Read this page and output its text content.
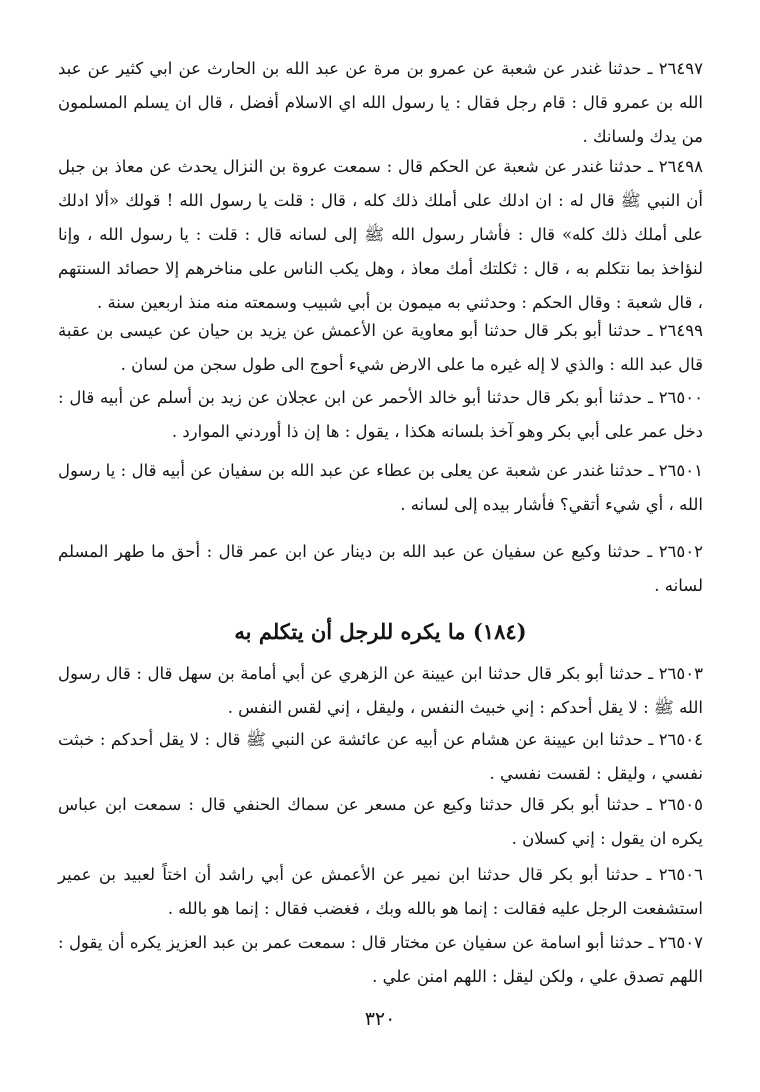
٢٦٤٩٧ ـ حدثنا غندر عن شعبة عن عمرو بن مرة عن عبد الله بن الحارث عن ابي كثير عن عبد الله بن عمرو قال : قام رجل فقال : يا رسول الله اي الاسلام أفضل ، قال ان يسلم المسلمون من يدك ولسانك .

٢٦٤٩٨ ـ حدثنا غندر عن شعبة عن الحكم قال : سمعت عروة بن النزال يحدث عن معاذ بن جبل أن النبي ﷺ قال له : ان ادلك على أملك ذلك كله ، قال : قلت يا رسول الله ! قولك «ألا ادلك على أملك ذلك كله» قال : فأشار رسول الله ﷺ إلى لسانه قال : قلت : يا رسول الله ، وإنا لنؤاخذ بما نتكلم به ، قال : ثكلتك أمك معاذ ، وهل يكب الناس على مناخرهم إلا حصائد السنتهم ، قال شعبة : وقال الحكم : وحدثني به ميمون بن أبي شبيب وسمعته منه منذ اربعين سنة .

٢٦٤٩٩ ـ حدثنا أبو بكر قال حدثنا أبو معاوية عن الأعمش عن يزيد بن حيان عن عيسى بن عقبة قال عبد الله : والذي لا إله غيره ما على الارض شيء أحوج الى طول سجن من لسان .

٢٦٥٠٠ ـ حدثنا أبو بكر قال حدثنا أبو خالد الأحمر عن ابن عجلان عن زيد بن أسلم عن أبيه قال : دخل عمر على أبي بكر وهو آخذ بلسانه هكذا ، يقول : ها إن ذا أوردني الموارد .

٢٦٥٠١ ـ حدثنا غندر عن شعبة عن يعلى بن عطاء عن عبد الله بن سفيان عن أبيه قال : يا رسول الله ، أي شيء أتقي؟ فأشار بيده إلى لسانه .

٢٦٥٠٢ ـ حدثنا وكيع عن سفيان عن عبد الله بن دينار عن ابن عمر قال : أحق ما طهر المسلم لسانه .

(١٨٤) ما يكره للرجل أن يتكلم به

٢٦٥٠٣ ـ حدثنا أبو بكر قال حدثنا ابن عيينة عن الزهري عن أبي أمامة بن سهل قال : قال رسول الله ﷺ : لا يقل أحدكم : إني خبيث النفس ، وليقل ، إني لقس النفس .

٢٦٥٠٤ ـ حدثنا ابن عيينة عن هشام عن أبيه عن عائشة عن النبي ﷺ قال : لا يقل أحدكم : خبثت نفسي ، وليقل : لقست نفسي .

٢٦٥٠٥ ـ حدثنا أبو بكر قال حدثنا وكيع عن مسعر عن سماك الحنفي قال : سمعت ابن عباس يكره ان يقول : إني كسلان .

٢٦٥٠٦ ـ حدثنا أبو بكر قال حدثنا ابن نمير عن الأعمش عن أبي راشد أن اختاً لعبيد بن عمير استشفعت الرجل عليه فقالت : إنما هو بالله وبك ، فغضب فقال : إنما هو بالله .

٢٦٥٠٧ ـ حدثنا أبو اسامة عن سفيان عن مختار قال : سمعت عمر بن عبد العزيز يكره أن يقول : اللهم تصدق علي ، ولكن ليقل : اللهم امنن علي .

٣٢٠
